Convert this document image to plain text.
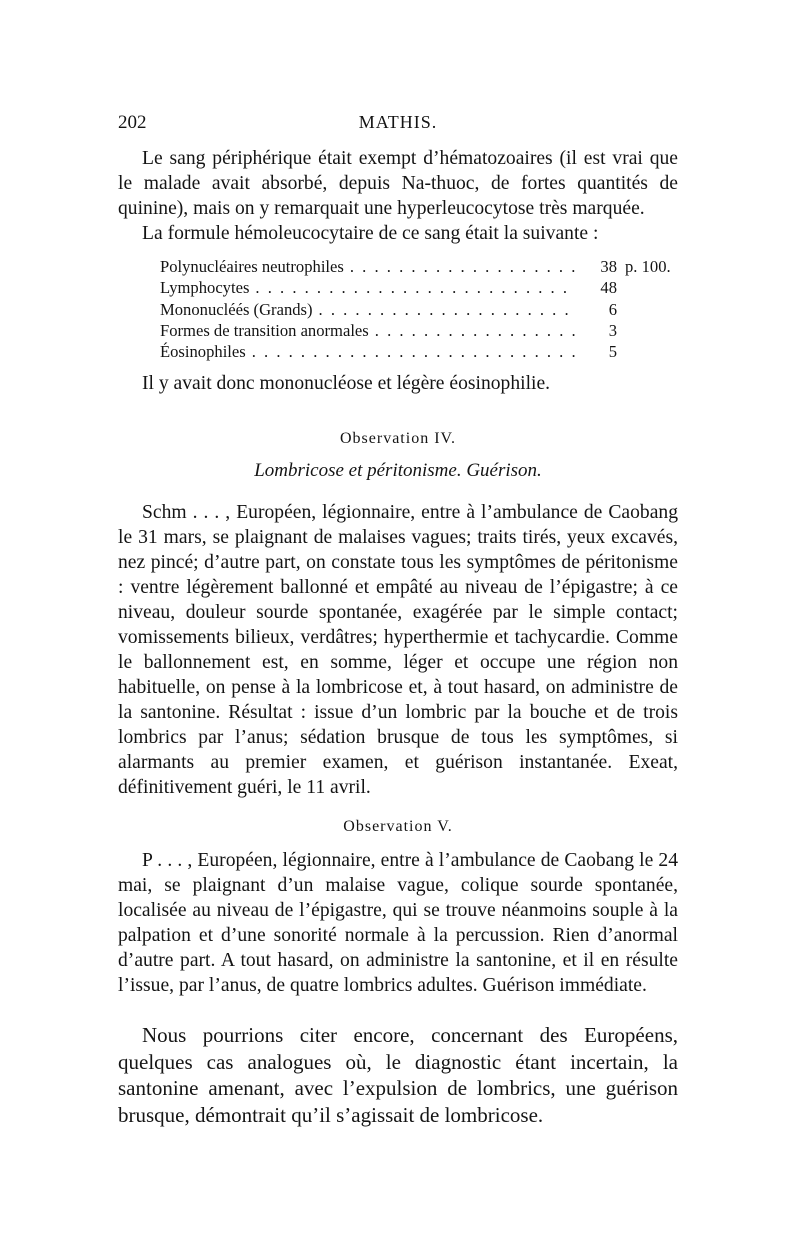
202	MATHIS.

Le sang périphérique était exempt d’hématozoaires (il est vrai que le malade avait absorbé, depuis Na-thuoc, de fortes quantités de quinine), mais on y remarquait une hyperleucocytose très marquée.

La formule hémoleucocytaire de ce sang était la suivante :

Polynucléaires neutrophiles . . .	38 p. 100.
Lymphocytes . . .	48
Mononucléés (Grands) . . .	6
Formes de transition anormales . . .	3
Éosinophiles . . .	5

Il y avait donc mononucléose et légère éosinophilie.

Observation IV.
Lombricose et péritonisme. Guérison.

Schm . . . , Européen, légionnaire, entre à l’ambulance de Caobang le 31 mars, se plaignant de malaises vagues; traits tirés, yeux excavés, nez pincé; d’autre part, on constate tous les symptômes de péritonisme : ventre légèrement ballonné et empâté au niveau de l’épigastre; à ce niveau, douleur sourde spontanée, exagérée par le simple contact; vomissements bilieux, verdâtres; hyperthermie et tachycardie. Comme le ballonnement est, en somme, léger et occupe une région non habituelle, on pense à la lombricose et, à tout hasard, on administre de la santonine. Résultat : issue d’un lombric par la bouche et de trois lombrics par l’anus; sédation brusque de tous les symptômes, si alarmants au premier examen, et guérison instantanée. Exeat, définitivement guéri, le 11 avril.

Observation V.

P . . . , Européen, légionnaire, entre à l’ambulance de Caobang le 24 mai, se plaignant d’un malaise vague, colique sourde spontanée, localisée au niveau de l’épigastre, qui se trouve néanmoins souple à la palpation et d’une sonorité normale à la percussion. Rien d’anormal d’autre part. A tout hasard, on administre la santonine, et il en résulte l’issue, par l’anus, de quatre lombrics adultes. Guérison immédiate.

Nous pourrions citer encore, concernant des Européens, quelques cas analogues où, le diagnostic étant incertain, la santonine amenant, avec l’expulsion de lombrics, une guérison brusque, démontrait qu’il s’agissait de lombricose.
